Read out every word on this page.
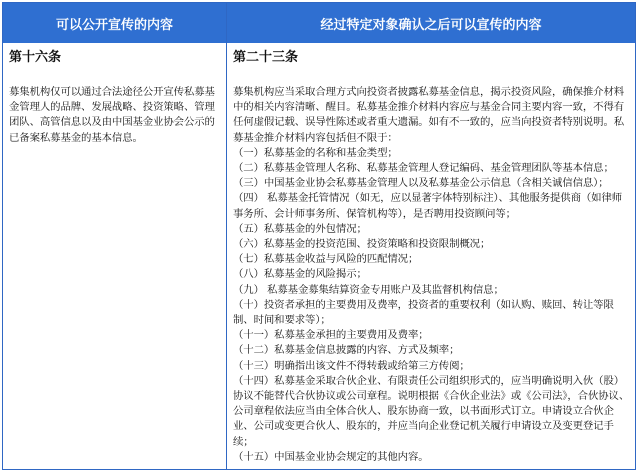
可以公开宣传的内容	经过特定对象确认之后可以宣传的内容
第十六条

募集机构仅可以通过合法途径公开宣传私募基金管理人的品牌、发展战略、投资策略、管理团队、高管信息以及由中国基金业协会公示的已备案私募基金的基本信息。

第二十三条

募集机构应当采取合理方式向投资者披露私募基金信息，揭示投资风险，确保推介材料中的相关内容清晰、醒目。私募基金推介材料内容应与基金合同主要内容一致，不得有任何虚假记载、误导性陈述或者重大遗漏。如有不一致的，应当向投资者特别说明。私募基金推介材料内容包括但不限于：

（一）私募基金的名称和基金类型；
（二）私募基金管理人名称、私募基金管理人登记编码、基金管理团队等基本信息；
（三）中国基金业协会私募基金管理人以及私募基金公示信息（含相关诚信信息）；
（四） 私募基金托管情况（如无，应以显著字体特别标注）、其他服务提供商（如律师事务所、会计师事务所、保管机构等），是否聘用投资顾问等；
（五）私募基金的外包情况；
（六）私募基金的投资范围、投资策略和投资限制概况；
（七）私募基金收益与风险的匹配情况；
（八）私募基金的风险揭示；
（九） 私募基金募集结算资金专用账户及其监督机构信息；
（十）投资者承担的主要费用及费率，投资者的重要权利（如认购、赎回、转让等限制、时间和要求等）；
（十一）私募基金承担的主要费用及费率；
（十二）私募基金信息披露的内容、方式及频率；
（十三）明确指出该文件不得转载或给第三方传阅；
（十四）私募基金采取合伙企业、有限责任公司组织形式的，应当明确说明入伙（股）协议不能替代合伙协议或公司章程。说明根据《合伙企业法》或《公司法》，合伙协议、公司章程依法应当由全体合伙人、股东协商一致，以书面形式订立。申请设立合伙企业、公司或变更合伙人、股东的，并应当向企业登记机关履行申请设立及变更登记手续；
（十五）中国基金业协会规定的其他内容。
